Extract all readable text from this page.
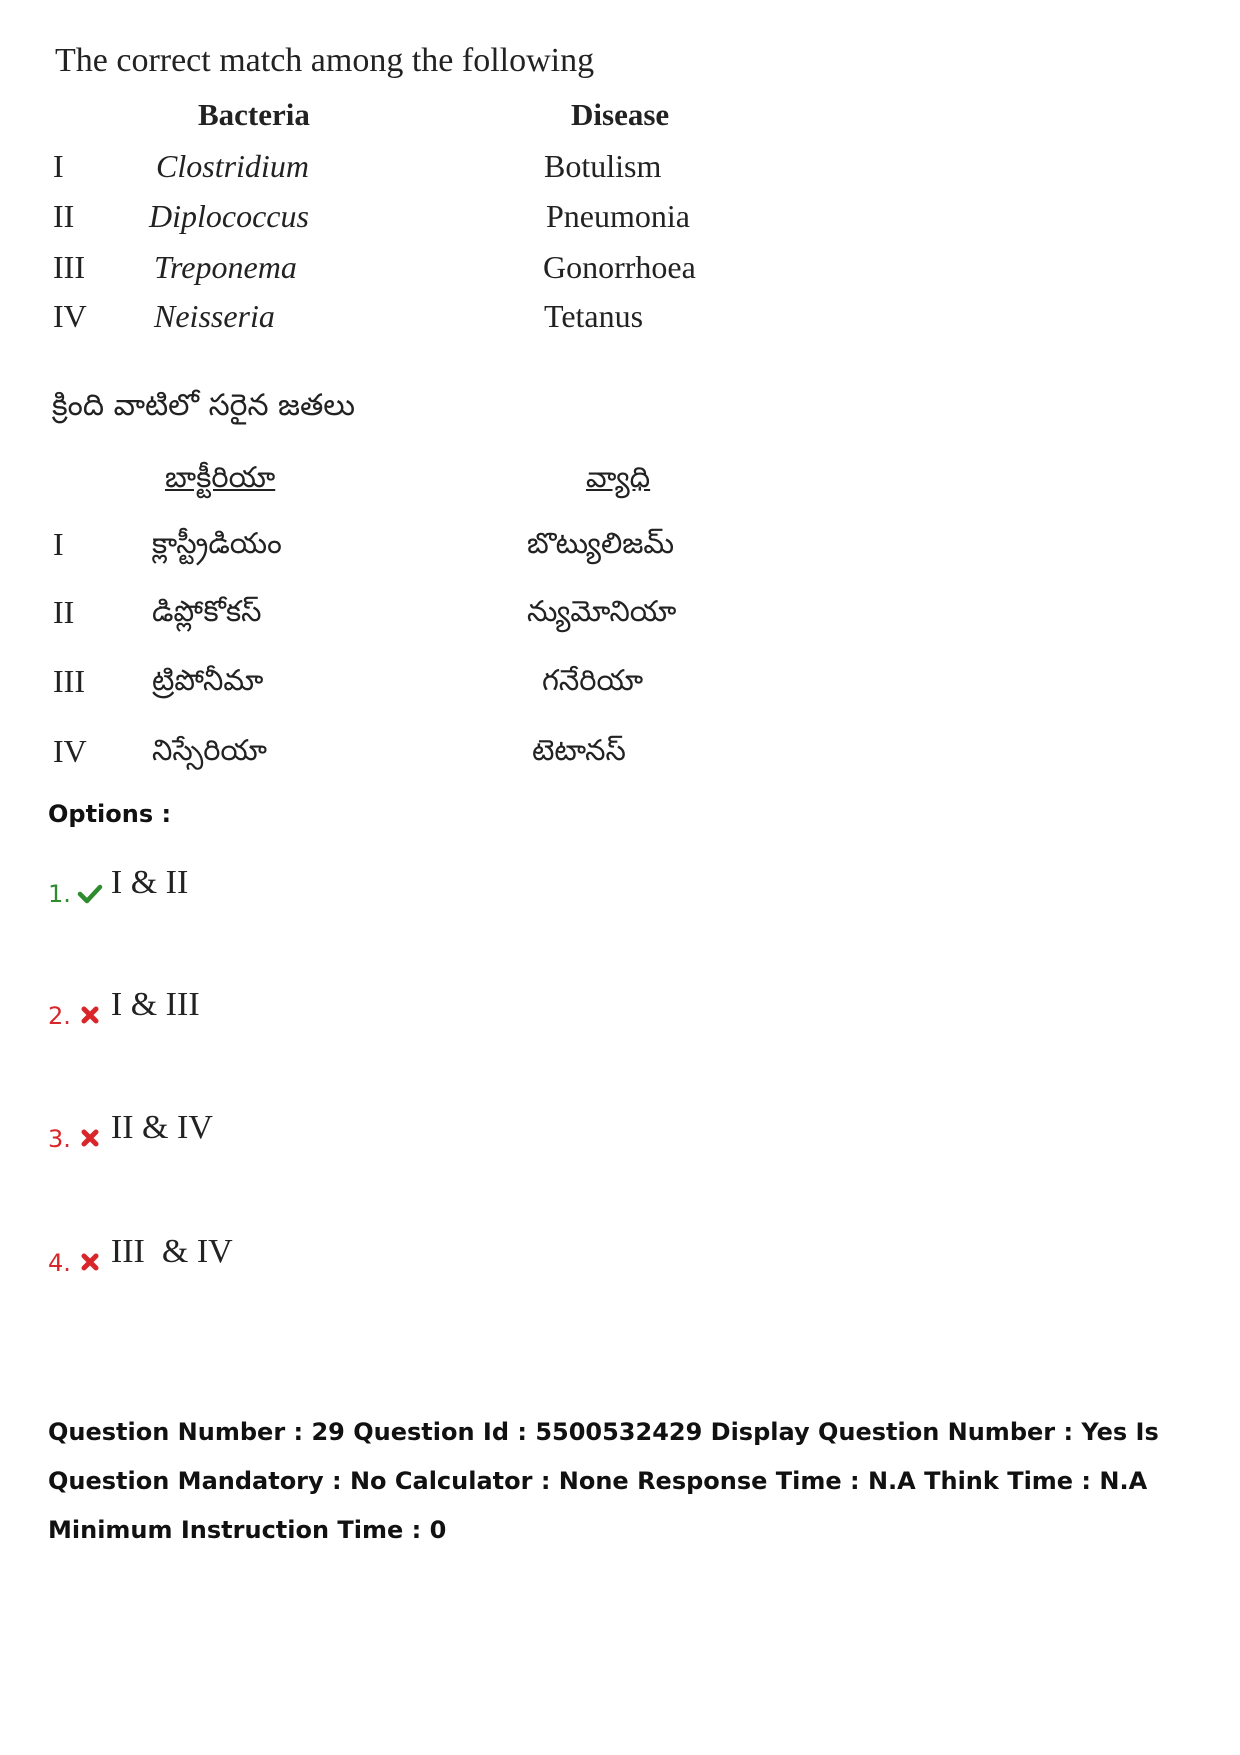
The correct match among the following
Bacteria	Disease
I	Clostridium	Botulism
II Diplococcus	Pneumonia
III Treponema	Gonorrhoea
IV Neisseria	Tetanus
క్రింది వాటిలో సరైన జతలు
బాక్టీరియా	వ్యాధి
I	క్లాస్ట్రీడియం	బొట్యులిజమ్
II	డిప్లోకోకస్	న్యుమోనియా
III ట్రిపోనీమా	గనేరియా
IV నిస్సేరియా	టెటానస్
Options :
1. I & II
2. I & III
3. II & IV
4. III  & IV
Question Number : 29 Question Id : 5500532429 Display Question Number : Yes Is Question Mandatory : No Calculator : None Response Time : N.A Think Time : N.A Minimum Instruction Time : 0
